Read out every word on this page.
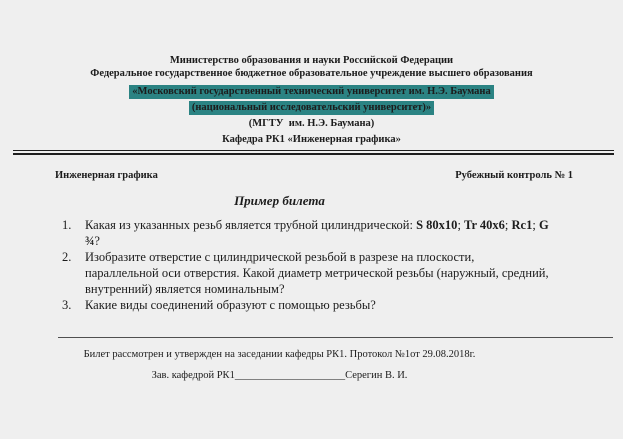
Министерство образования и науки Российской Федерации
Федеральное государственное бюджетное образовательное учреждение высшего образования
«Московский государственный технический университет им. Н.Э. Баумана
(национальный исследовательский университет)»
(МГТУ  им. Н.Э. Баумана)
Кафедра РК1 «Инженерная графика»
Инженерная графика	Рубежный контроль № 1
Пример билета
1.	Какая из указанных резьб является трубной цилиндрической: S 80x10; Tr 40x6; Rc1; G ¾?
2.	Изобразите отверстие с цилиндрической резьбой в разрезе на плоскости, параллельной оси отверстия. Какой диаметр метрической резьбы (наружный, средний, внутренний) является номинальным?
3.	Какие виды соединений образуют с помощью резьбы?
Билет рассмотрен и утвержден на заседании кафедры РК1. Протокол №1от 29.08.2018г.
Зав. кафедрой РК1_____________________Серегин В. И.
